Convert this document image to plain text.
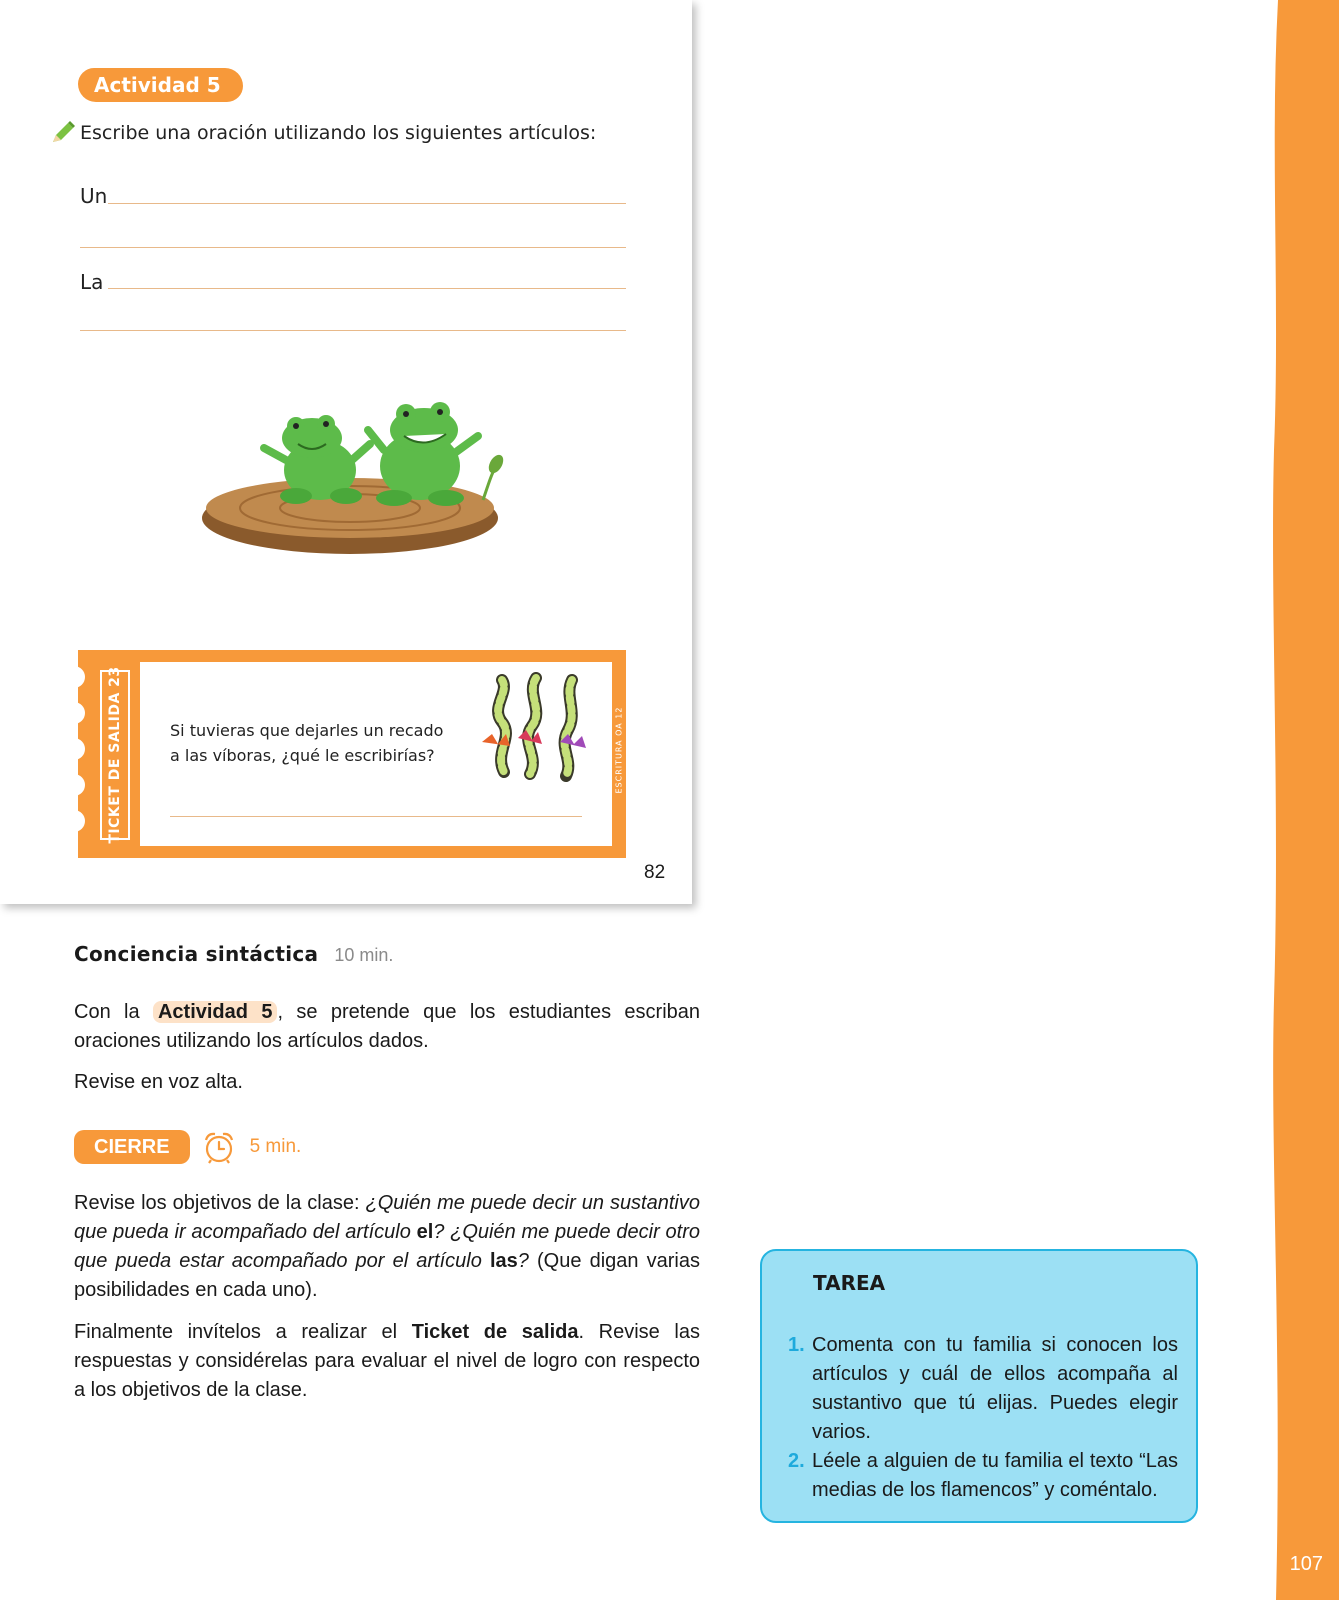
107
Actividad 5
Escribe una oración utilizando los siguientes artículos:
Un
La
TICKET DE SALIDA 23	Si tuvieras que dejarles un recado
a las víboras, ¿qué le escribirías?	ESCRITURA OA 12
82
Conciencia sintáctica 10 min.
Con la Actividad 5 , se pretende que los estudiantes escriban oraciones utilizando los artículos dados.
Revise en voz alta.
CIERRE	5 min.
Revise los objetivos de la clase: ¿Quién me puede decir un sustantivo que pueda ir acompañado del artículo el? ¿Quién me puede decir otro que pueda estar acompañado por el artículo las? (Que digan varias posibilidades en cada uno).
Finalmente invítelos a realizar el Ticket de salida. Revise las respuestas y considérelas para evaluar el nivel de logro con respecto a los objetivos de la clase.
TAREA
1. Comenta con tu familia si conocen los artículos y cuál de ellos acompaña al sustantivo que tú elijas. Puedes elegir varios.
2. Léele a alguien de tu familia el texto “Las medias de los flamencos” y coméntalo.
